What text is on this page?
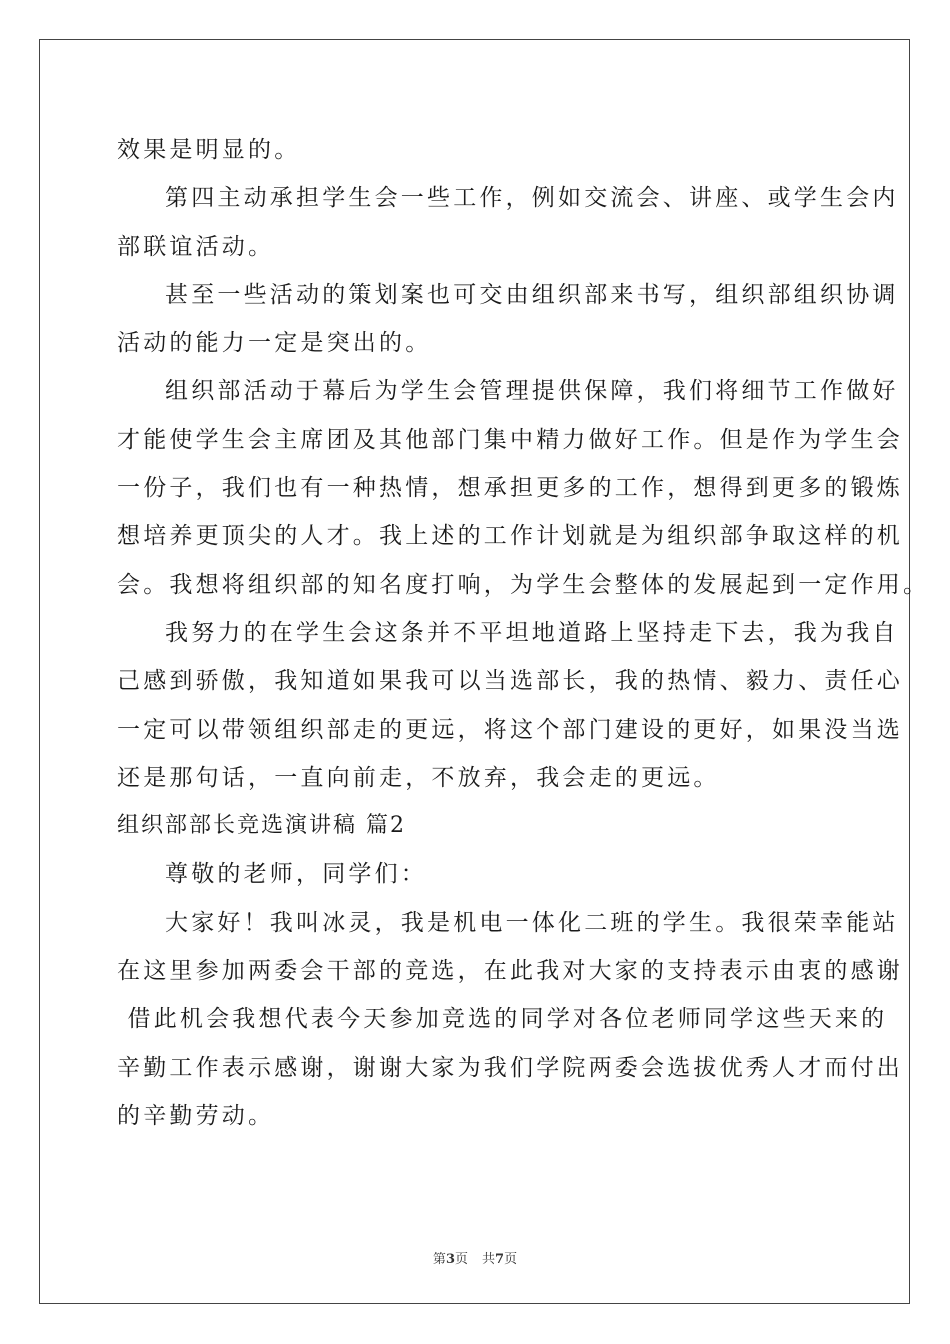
效果是明显的。
第四主动承担学生会一些工作，例如交流会、讲座、或学生会内
部联谊活动。
甚至一些活动的策划案也可交由组织部来书写，组织部组织协调
活动的能力一定是突出的。
组织部活动于幕后为学生会管理提供保障，我们将细节工作做好
才能使学生会主席团及其他部门集中精力做好工作。但是作为学生会
一份子，我们也有一种热情，想承担更多的工作，想得到更多的锻炼
想培养更顶尖的人才。我上述的工作计划就是为组织部争取这样的机
会。我想将组织部的知名度打响，为学生会整体的发展起到一定作用。
我努力的在学生会这条并不平坦地道路上坚持走下去，我为我自
己感到骄傲，我知道如果我可以当选部长，我的热情、毅力、责任心
一定可以带领组织部走的更远，将这个部门建设的更好，如果没当选
还是那句话，一直向前走，不放弃，我会走的更远。
组织部部长竞选演讲稿 篇2
尊敬的老师，同学们：
大家好！我叫冰灵，我是机电一体化二班的学生。我很荣幸能站
在这里参加两委会干部的竞选，在此我对大家的支持表示由衷的感谢
借此机会我想代表今天参加竞选的同学对各位老师同学这些天来的
辛勤工作表示感谢，谢谢大家为我们学院两委会选拔优秀人才而付出
的辛勤劳动。
第3页 共7页
